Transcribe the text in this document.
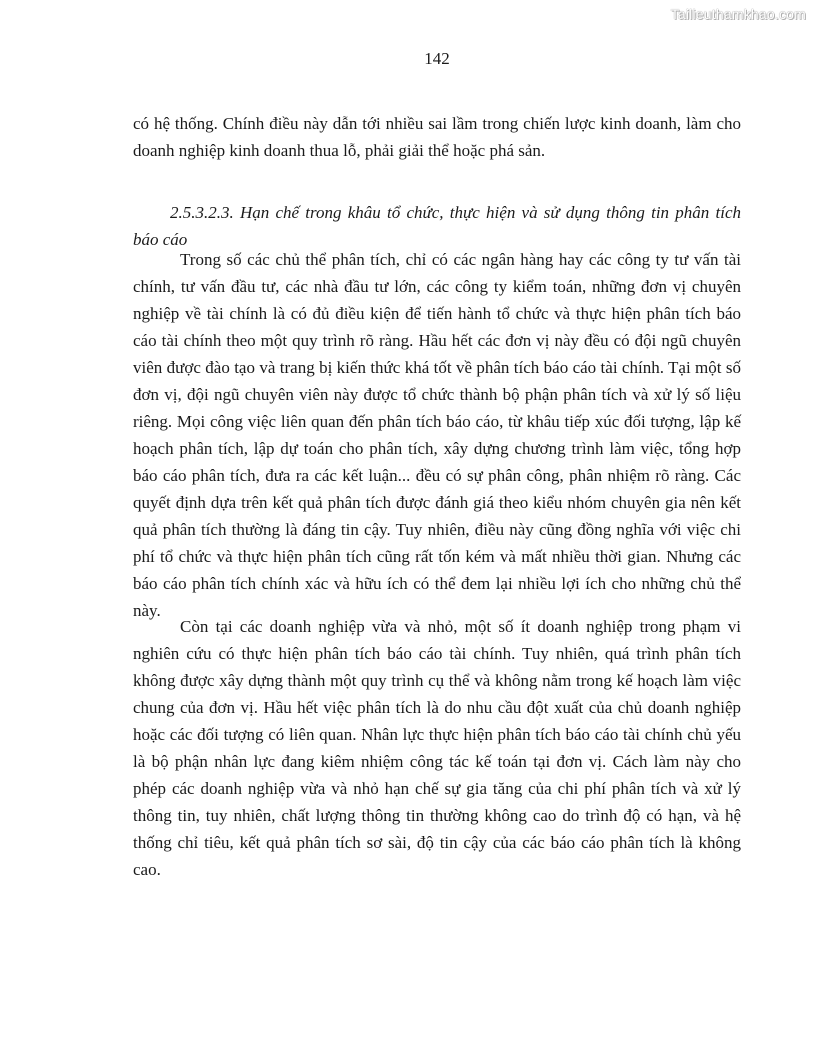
Tailieuthamkhao.com
142

có hệ thống. Chính điều này dẫn tới nhiều sai lầm trong chiến lược kinh doanh, làm cho doanh nghiệp kinh doanh thua lỗ, phải giải thể hoặc phá sản.

2.5.3.2.3. Hạn chế trong khâu tổ chức, thực hiện và sử dụng thông tin phân tích báo cáo

Trong số các chủ thể phân tích, chỉ có các ngân hàng hay các công ty tư vấn tài chính, tư vấn đầu tư, các nhà đầu tư lớn, các công ty kiểm toán, những đơn vị chuyên nghiệp về tài chính là có đủ điều kiện để tiến hành tổ chức và thực hiện phân tích báo cáo tài chính theo một quy trình rõ ràng. Hầu hết các đơn vị này đều có đội ngũ chuyên viên được đào tạo và trang bị kiến thức khá tốt về phân tích báo cáo tài chính. Tại một số đơn vị, đội ngũ chuyên viên này được tổ chức thành bộ phận phân tích và xử lý số liệu riêng. Mọi công việc liên quan đến phân tích báo cáo, từ khâu tiếp xúc đối tượng, lập kế hoạch phân tích, lập dự toán cho phân tích, xây dựng chương trình làm việc, tổng hợp báo cáo phân tích, đưa ra các kết luận... đều có sự phân công, phân nhiệm rõ ràng. Các quyết định dựa trên kết quả phân tích được đánh giá theo kiểu nhóm chuyên gia nên kết quả phân tích thường là đáng tin cậy. Tuy nhiên, điều này cũng đồng nghĩa với việc chi phí tổ chức và thực hiện phân tích cũng rất tốn kém và mất nhiều thời gian. Nhưng các báo cáo phân tích chính xác và hữu ích có thể đem lại nhiều lợi ích cho những chủ thể này.

Còn tại các doanh nghiệp vừa và nhỏ, một số ít doanh nghiệp trong phạm vi nghiên cứu có thực hiện phân tích báo cáo tài chính. Tuy nhiên, quá trình phân tích không được xây dựng thành một quy trình cụ thể và không nằm trong kế hoạch làm việc chung của đơn vị. Hầu hết việc phân tích là do nhu cầu đột xuất của chủ doanh nghiệp hoặc các đối tượng có liên quan. Nhân lực thực hiện phân tích báo cáo tài chính chủ yếu là bộ phận nhân lực đang kiêm nhiệm công tác kế toán tại đơn vị. Cách làm này cho phép các doanh nghiệp vừa và nhỏ hạn chế sự gia tăng của chi phí phân tích và xử lý thông tin, tuy nhiên, chất lượng thông tin thường không cao do trình độ có hạn, và hệ thống chỉ tiêu, kết quả phân tích sơ sài, độ tin cậy của các báo cáo phân tích là không cao.
